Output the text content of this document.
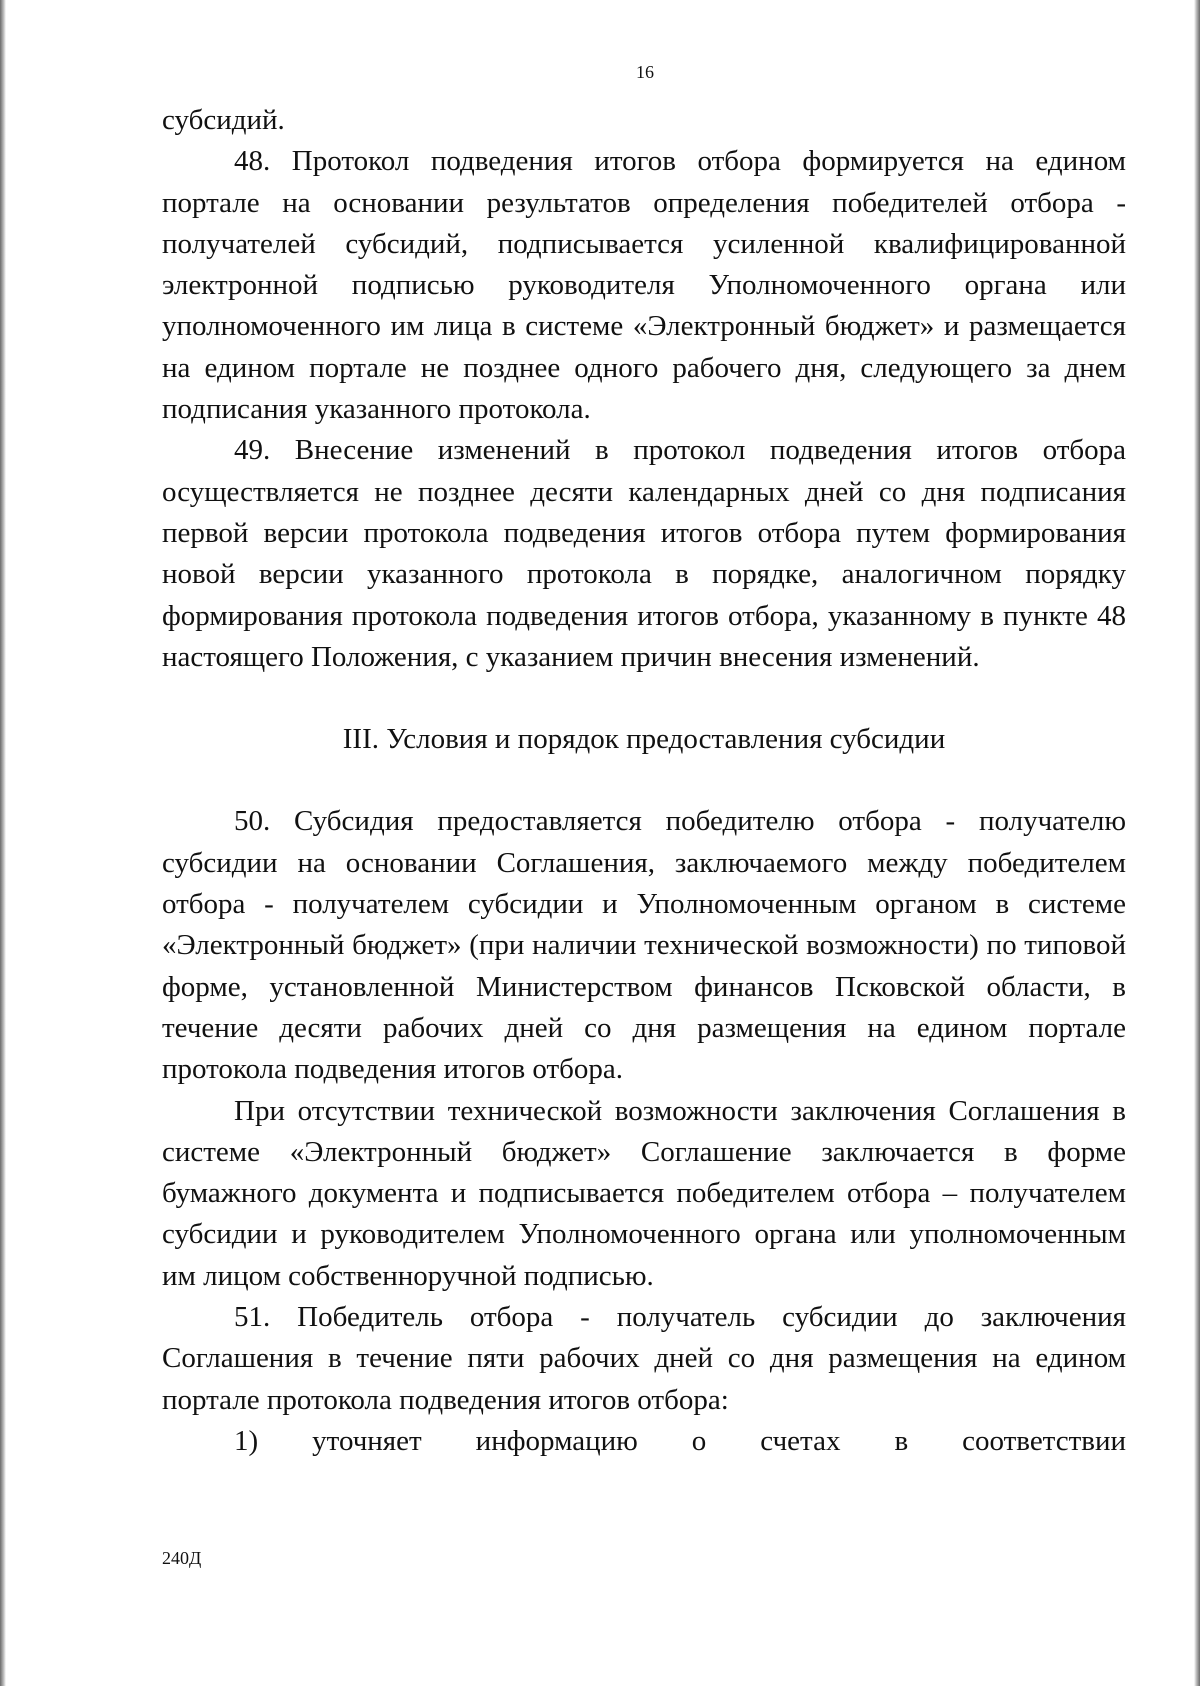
16

субсидий.

48. Протокол подведения итогов отбора формируется на едином портале на основании результатов определения победителей отбора - получателей субсидий, подписывается усиленной квалифицированной электронной подписью руководителя Уполномоченного органа или уполномоченного им лица в системе «Электронный бюджет» и размещается на едином портале не позднее одного рабочего дня, следующего за днем подписания указанного протокола.

49. Внесение изменений в протокол подведения итогов отбора осуществляется не позднее десяти календарных дней со дня подписания первой версии протокола подведения итогов отбора путем формирования новой версии указанного протокола в порядке, аналогичном порядку формирования протокола подведения итогов отбора, указанному в пункте 48 настоящего Положения, с указанием причин внесения изменений.

III. Условия и порядок предоставления субсидии

50. Субсидия предоставляется победителю отбора - получателю субсидии на основании Соглашения, заключаемого между победителем отбора - получателем субсидии и Уполномоченным органом в системе «Электронный бюджет» (при наличии технической возможности) по типовой форме, установленной Министерством финансов Псковской области, в течение десяти рабочих дней со дня размещения на едином портале протокола подведения итогов отбора.

При отсутствии технической возможности заключения Соглашения в системе «Электронный бюджет» Соглашение заключается в форме бумажного документа и подписывается победителем отбора – получателем субсидии и руководителем Уполномоченного органа или уполномоченным им лицом собственноручной подписью.

51. Победитель отбора - получатель субсидии до заключения Соглашения в течение пяти рабочих дней со дня размещения на едином портале протокола подведения итогов отбора:

1) уточняет информацию о счетах в соответствии

240Д
